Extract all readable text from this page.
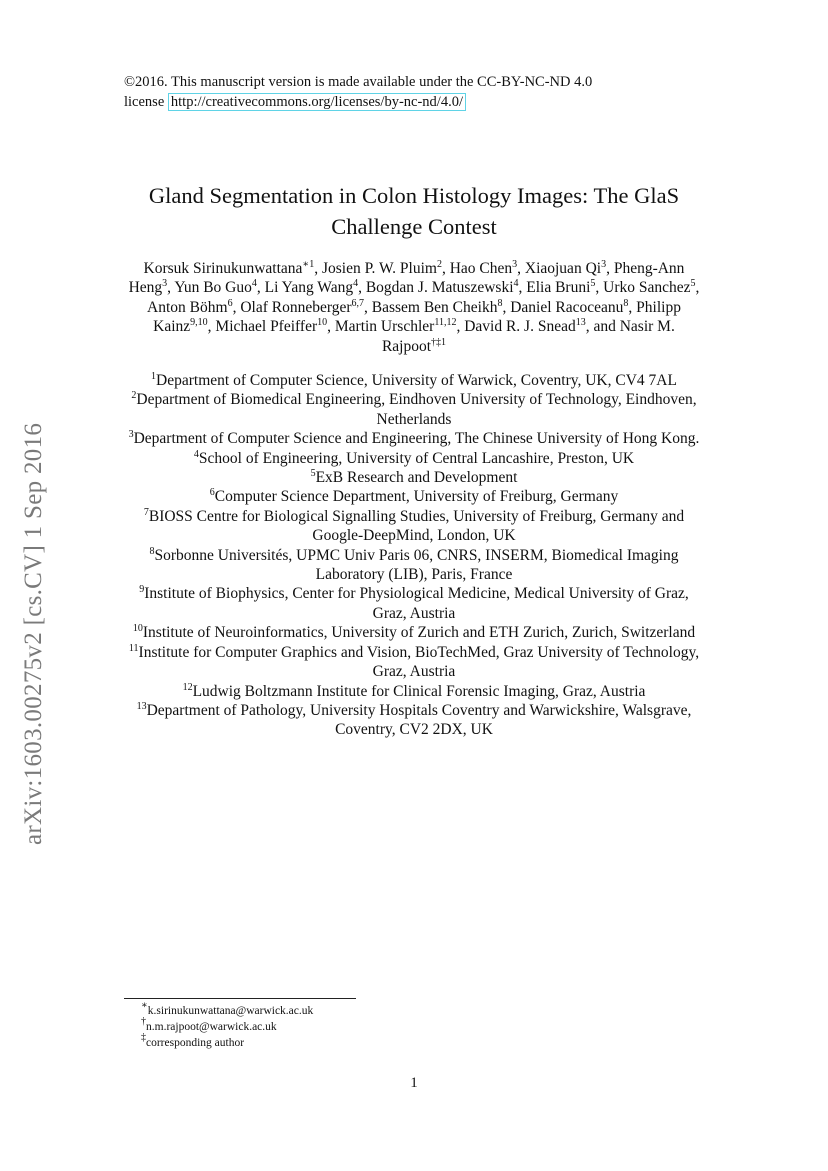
©2016. This manuscript version is made available under the CC-BY-NC-ND 4.0
license http://creativecommons.org/licenses/by-nc-nd/4.0/
arXiv:1603.00275v2 [cs.CV] 1 Sep 2016
Gland Segmentation in Colon Histology Images: The GlaS Challenge Contest
Korsuk Sirinukunwattana$^{∗1}$, Josien P. W. Pluim$^2$, Hao Chen$^3$, Xiaojuan Qi$^3$, Pheng-Ann Heng$^3$, Yun Bo Guo$^4$, Li Yang Wang$^4$, Bogdan J. Matuszewski$^4$, Elia Bruni$^5$, Urko Sanchez$^5$, Anton Böhm$^6$, Olaf Ronneberger$^{6,7}$, Bassem Ben Cheikh$^8$, Daniel Racoceanu$^8$, Philipp Kainz$^{9,10}$, Michael Pfeiffer$^{10}$, Martin Urschler$^{11,12}$, David R. J. Snead$^{13}$, and Nasir M. Rajpoot$^{\dagger\ddagger 1}$

$^1$Department of Computer Science, University of Warwick, Coventry, UK, CV4 7AL

$^2$Department of Biomedical Engineering, Eindhoven University of Technology, Eindhoven, Netherlands

$^3$Department of Computer Science and Engineering, The Chinese University of Hong Kong.

$^4$School of Engineering, University of Central Lancashire, Preston, UK

$^5$ExB Research and Development

$^6$Computer Science Department, University of Freiburg, Germany

$^7$BIOSS Centre for Biological Signalling Studies, University of Freiburg, Germany and Google-DeepMind, London, UK

$^8$Sorbonne Universités, UPMC Univ Paris 06, CNRS, INSERM, Biomedical Imaging Laboratory (LIB), Paris, France

$^9$Institute of Biophysics, Center for Physiological Medicine, Medical University of Graz, Graz, Austria

$^{10}$Institute of Neuroinformatics, University of Zurich and ETH Zurich, Zurich, Switzerland

$^{11}$Institute for Computer Graphics and Vision, BioTechMed, Graz University of Technology, Graz, Austria

$^{12}$Ludwig Boltzmann Institute for Clinical Forensic Imaging, Graz, Austria

$^{13}$Department of Pathology, University Hospitals Coventry and Warwickshire, Walsgrave, Coventry, CV2 2DX, UK

∗k.sirinukunwattana@warwick.ac.uk
†n.m.rajpoot@warwick.ac.uk
‡corresponding author
1
